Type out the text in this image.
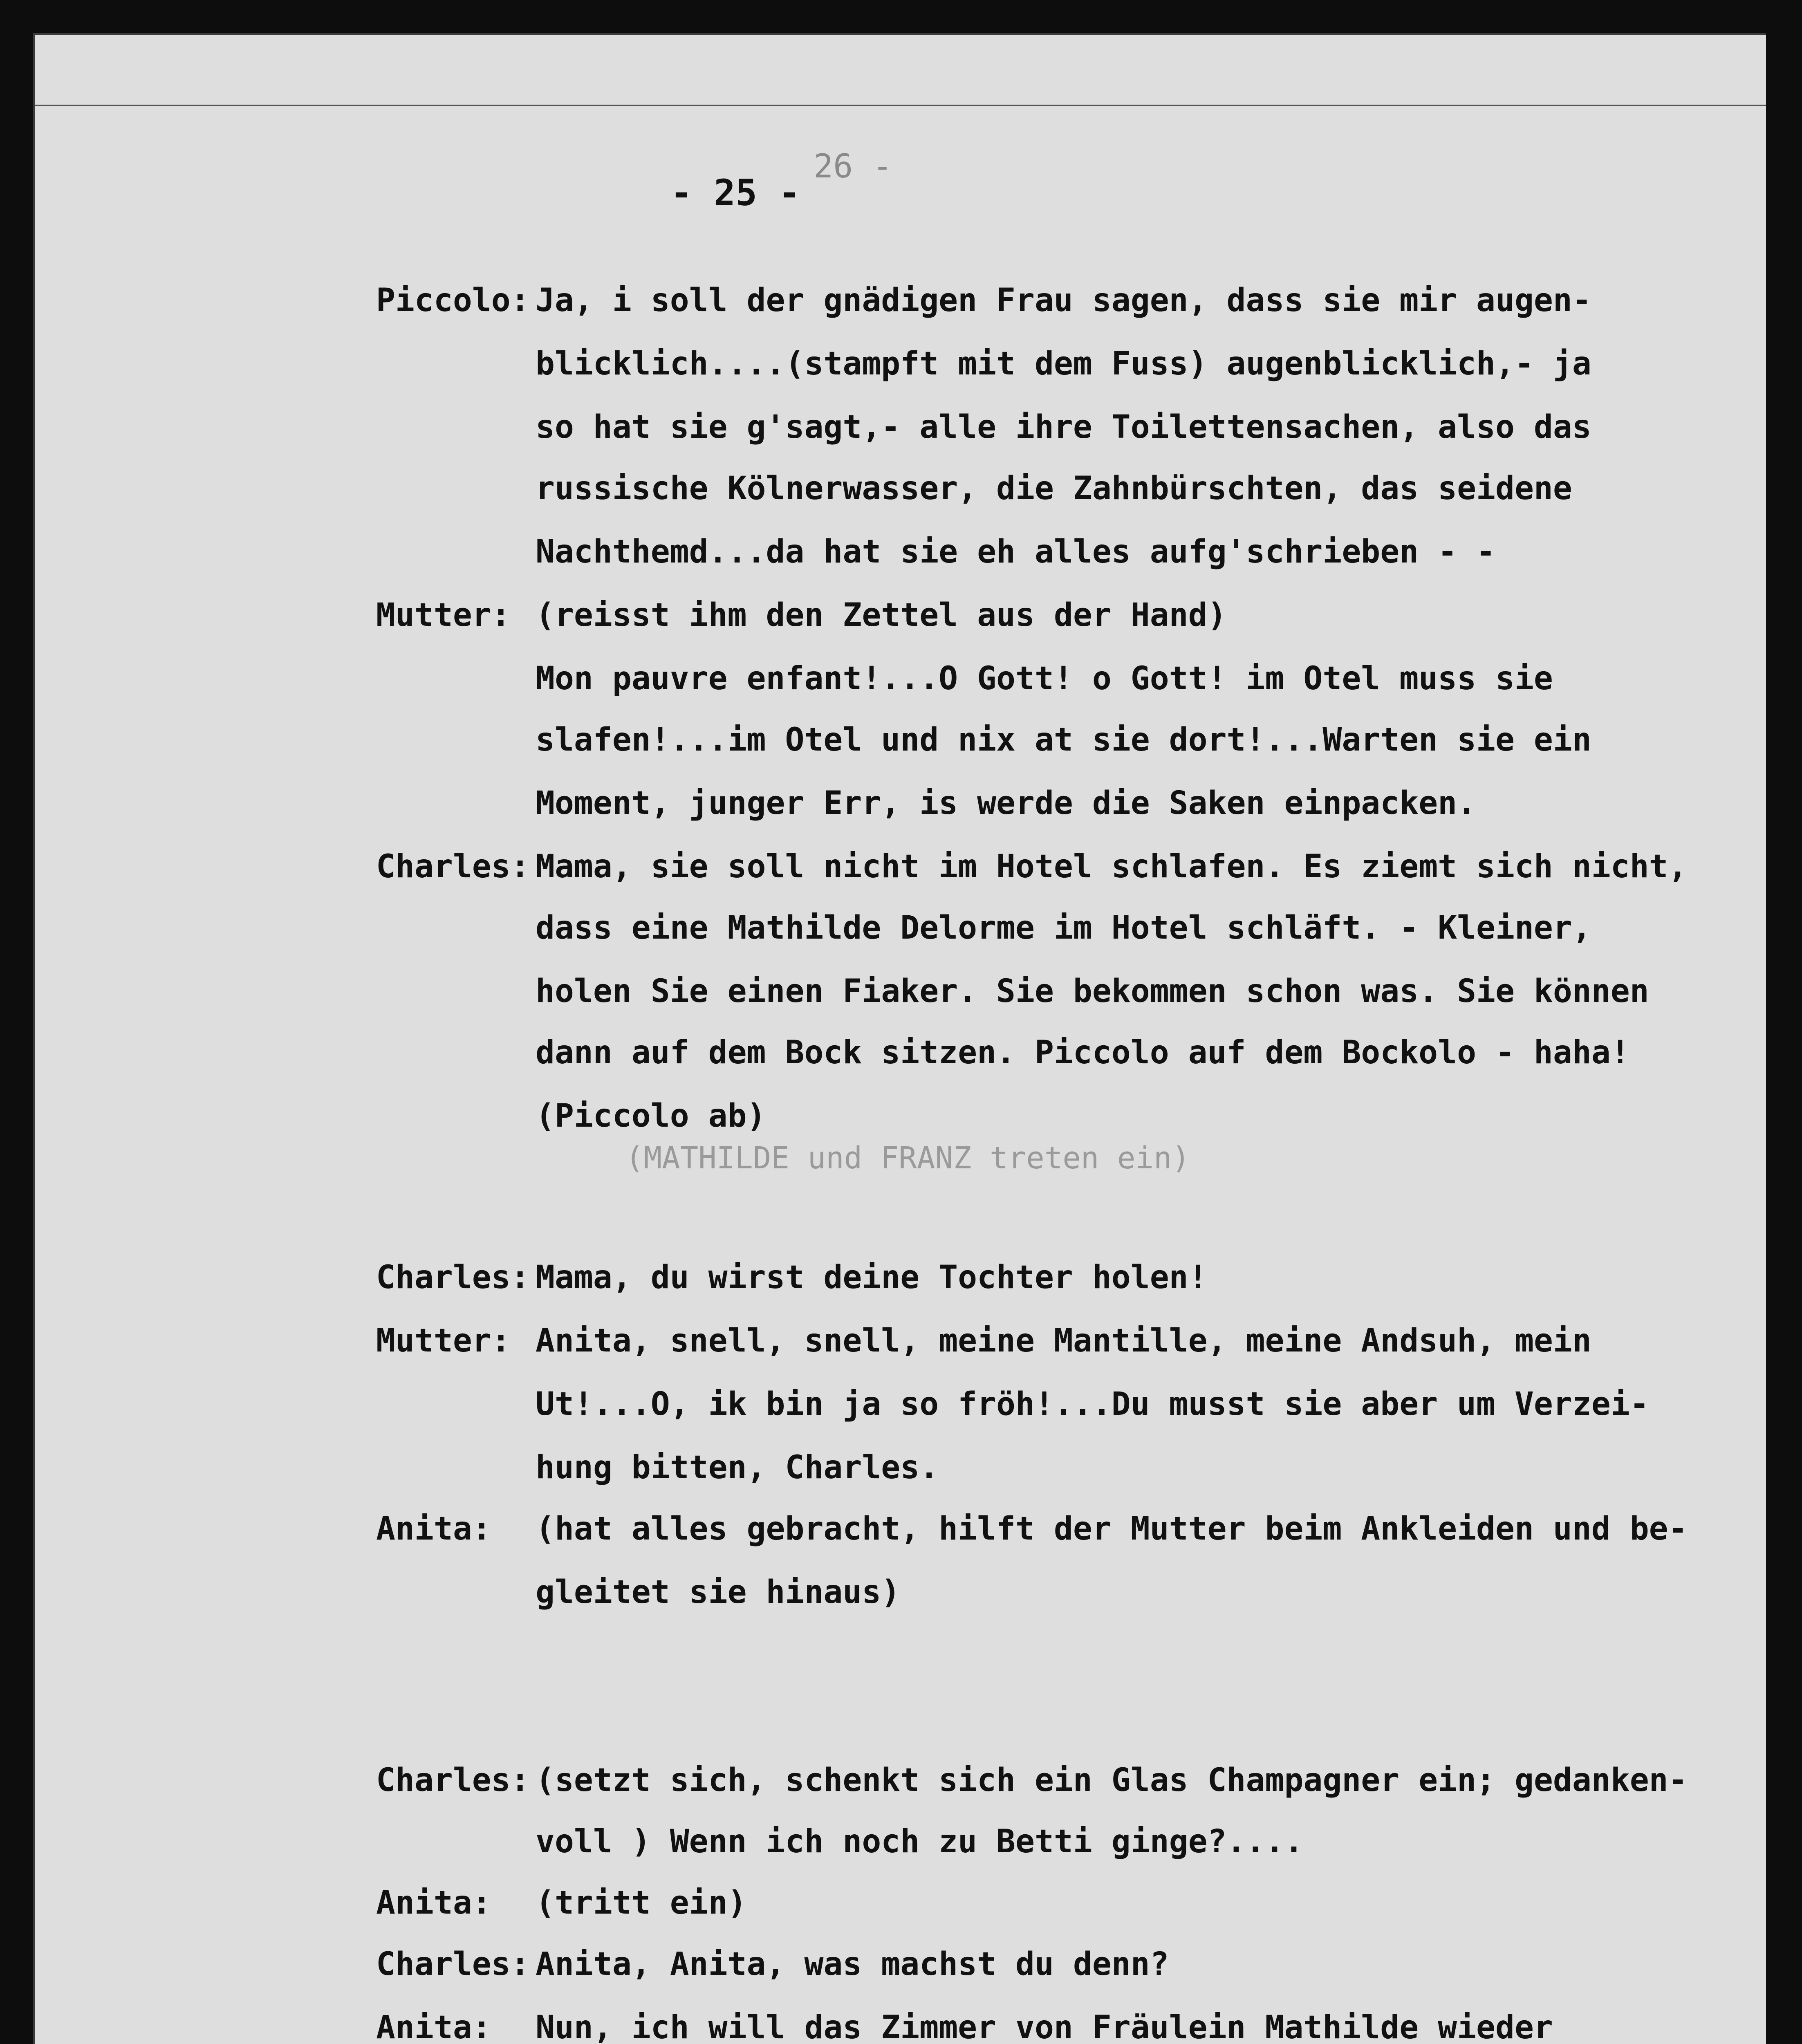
26 -
- 25 -
(MATHILDE und FRANZ treten ein)
Piccolo: Ja, i soll der gnädigen Frau sagen, dass sie mir augen-
blicklich....(stampft mit dem Fuss) augenblicklich,- ja
so hat sie g'sagt,- alle ihre Toilettensachen, also das
russische Kölnerwasser, die Zahnbürschten, das seidene
Nachthemd...da hat sie eh alles aufg'schrieben - -
Mutter: (reisst ihm den Zettel aus der Hand)
Mon pauvre enfant!...O Gott! o Gott! im Otel muss sie
slafen!...im Otel und nix at sie dort!...Warten sie ein
Moment, junger Err, is werde die Saken einpacken.
Charles: Mama, sie soll nicht im Hotel schlafen. Es ziemt sich nicht,
dass eine Mathilde Delorme im Hotel schläft. - Kleiner,
holen Sie einen Fiaker. Sie bekommen schon was. Sie können
dann auf dem Bock sitzen. Piccolo auf dem Bockolo - haha!
(Piccolo ab)
Charles: Mama, du wirst deine Tochter holen!
Mutter: Anita, snell, snell, meine Mantille, meine Andsuh, mein
Ut!...O, ik bin ja so fröh!...Du musst sie aber um Verzei-
hung bitten, Charles.
Anita: (hat alles gebracht, hilft der Mutter beim Ankleiden und be-
gleitet sie hinaus)
Charles: (setzt sich, schenkt sich ein Glas Champagner ein; gedanken-
voll ) Wenn ich noch zu Betti ginge?....
Anita: (tritt ein)
Charles: Anita, Anita, was machst du denn?
Anita: Nun, ich will das Zimmer von Fräulein Mathilde wieder
